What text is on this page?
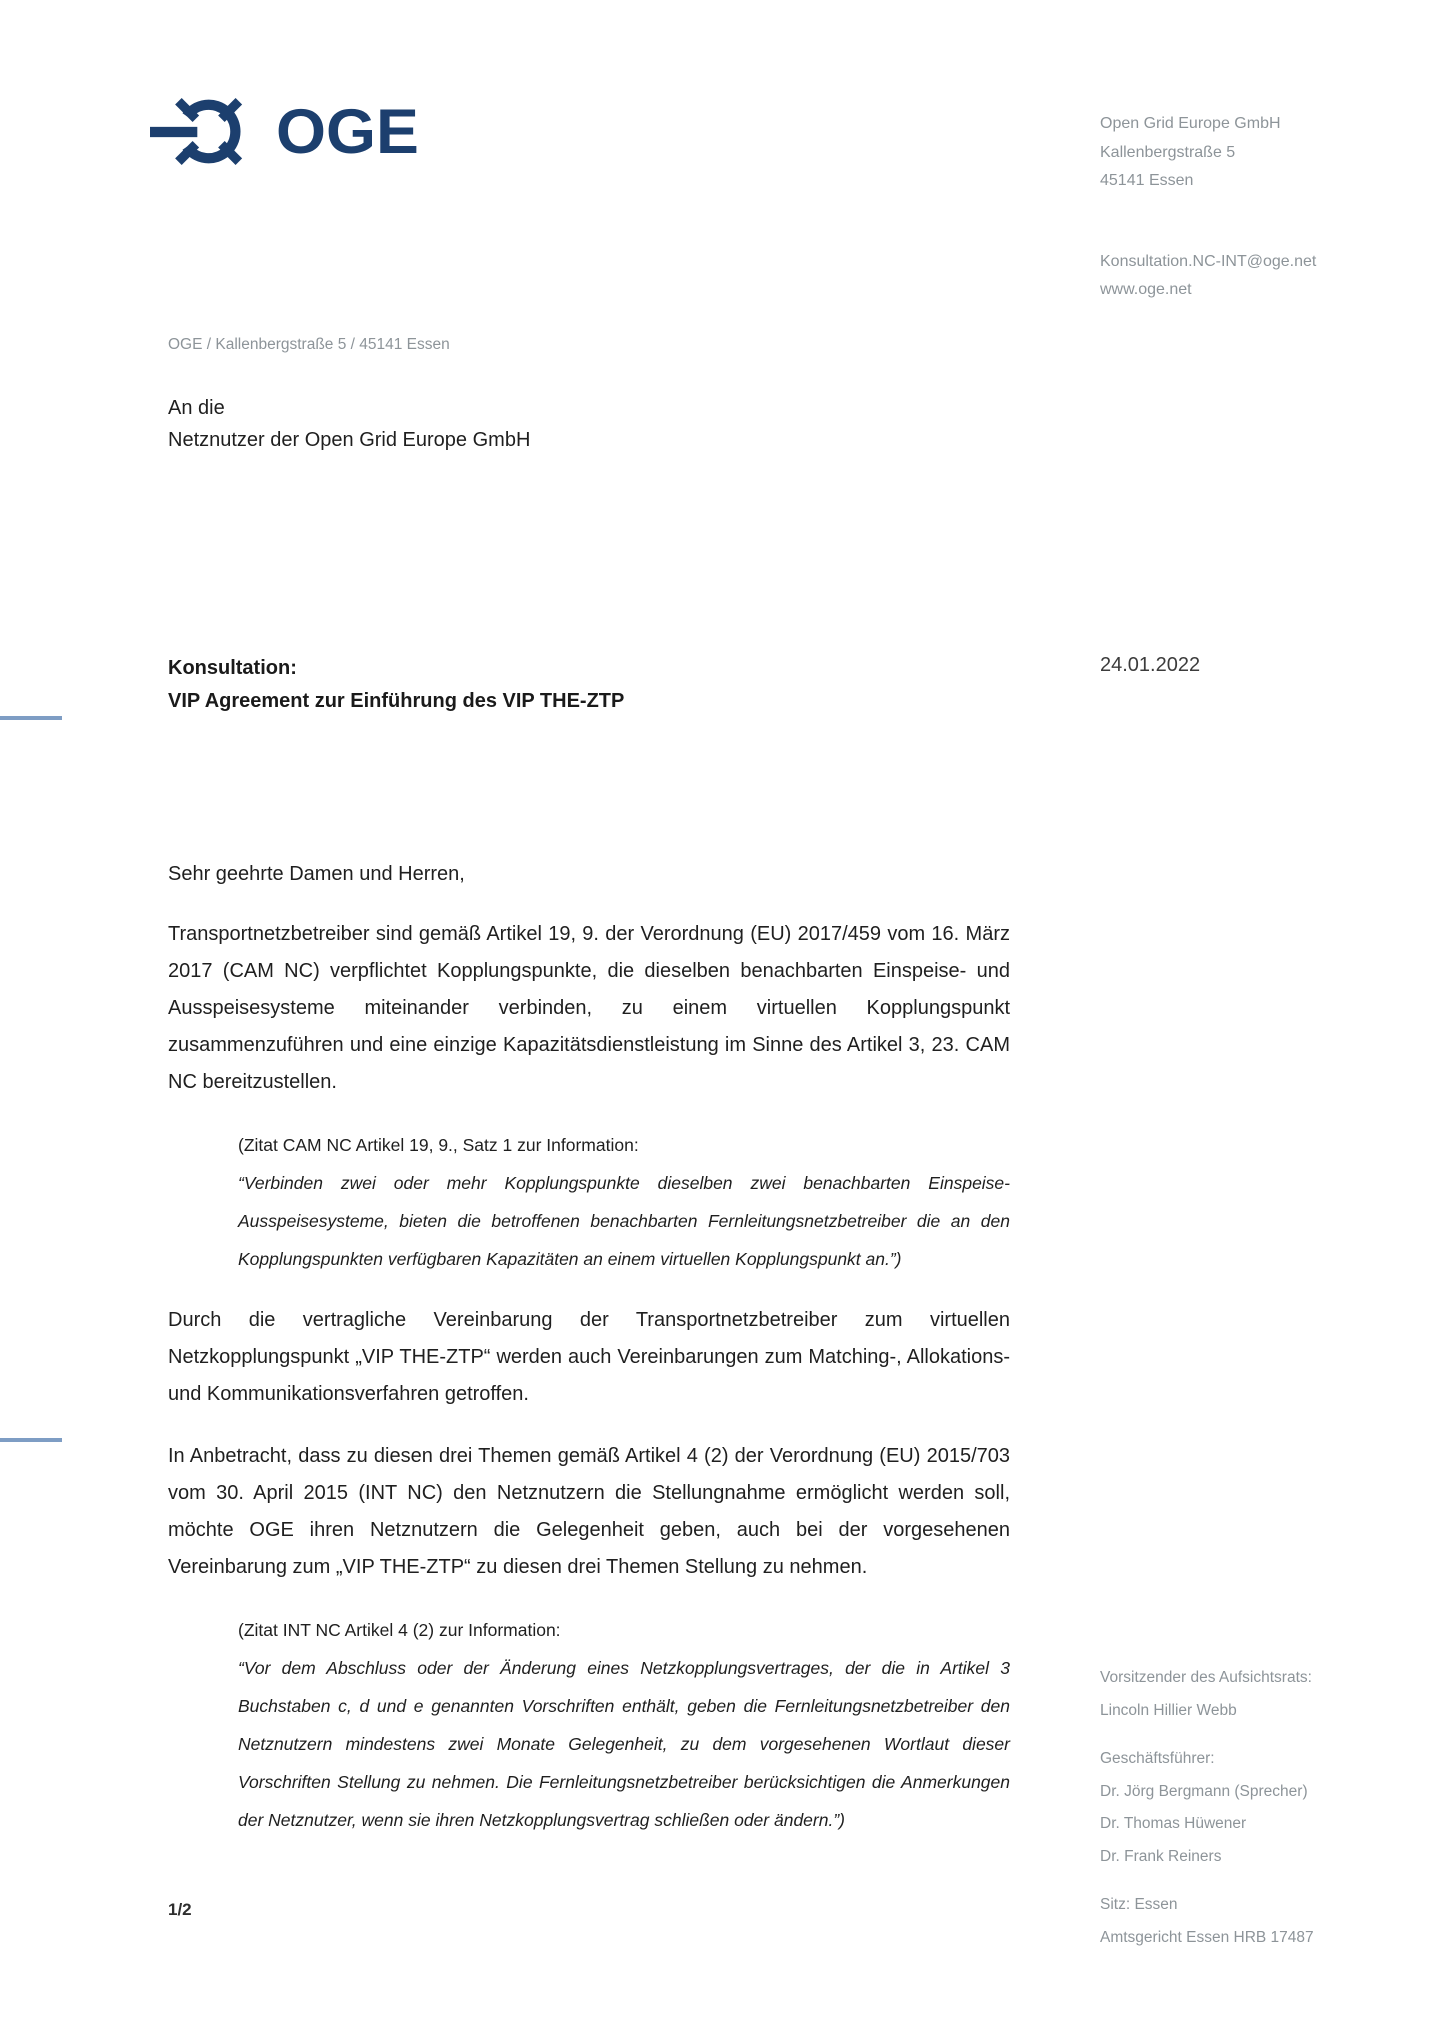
OGE	Open Grid Europe GmbH
Kallenbergstraße 5
45141 Essen
Konsultation.NC-INT@oge.net
www.oge.net
OGE / Kallenbergstraße 5 / 45141 Essen
An die
Netznutzer der Open Grid Europe GmbH
Konsultation:
VIP Agreement zur Einführung des VIP THE-ZTP
24.01.2022
Sehr geehrte Damen und Herren,

Transportnetzbetreiber sind gemäß Artikel 19, 9. der Verordnung (EU) 2017/459 vom 16. März 2017 (CAM NC) verpflichtet Kopplungspunkte, die dieselben benachbarten Einspeise- und Ausspeisesysteme miteinander verbinden, zu einem virtuellen Kopplungspunkt zusammenzuführen und eine einzige Kapazitätsdienstleistung im Sinne des Artikel 3, 23. CAM NC bereitzustellen.

(Zitat CAM NC Artikel 19, 9., Satz 1 zur Information:
“Verbinden zwei oder mehr Kopplungspunkte dieselben zwei benachbarten Einspeise- Ausspeisesysteme, bieten die betroffenen benachbarten Fernleitungsnetzbetreiber die an den Kopplungspunkten verfügbaren Kapazitäten an einem virtuellen Kopplungspunkt an.”)

Durch die vertragliche Vereinbarung der Transportnetzbetreiber zum virtuellen Netzkopplungspunkt „VIP THE-ZTP“ werden auch Vereinbarungen zum Matching-, Allokations- und Kommunikationsverfahren getroffen.

In Anbetracht, dass zu diesen drei Themen gemäß Artikel 4 (2) der Verordnung (EU) 2015/703 vom 30. April 2015 (INT NC) den Netznutzern die Stellungnahme ermöglicht werden soll, möchte OGE ihren Netznutzern die Gelegenheit geben, auch bei der vorgesehenen Vereinbarung zum „VIP THE-ZTP“ zu diesen drei Themen Stellung zu nehmen.

(Zitat INT NC Artikel 4 (2) zur Information:
“Vor dem Abschluss oder der Änderung eines Netzkopplungsvertrages, der die in Artikel 3 Buchstaben c, d und e genannten Vorschriften enthält, geben die Fernleitungsnetzbetreiber den Netznutzern mindestens zwei Monate Gelegenheit, zu dem vorgesehenen Wortlaut dieser Vorschriften Stellung zu nehmen. Die Fernleitungsnetzbetreiber berücksichtigen die Anmerkungen der Netznutzer, wenn sie ihren Netzkopplungsvertrag schließen oder ändern.”)
Vorsitzender des Aufsichtsrats:
Lincoln Hillier Webb
Geschäftsführer:
Dr. Jörg Bergmann (Sprecher)
Dr. Thomas Hüwener
Dr. Frank Reiners
Sitz: Essen
Amtsgericht Essen HRB 17487
1/2
